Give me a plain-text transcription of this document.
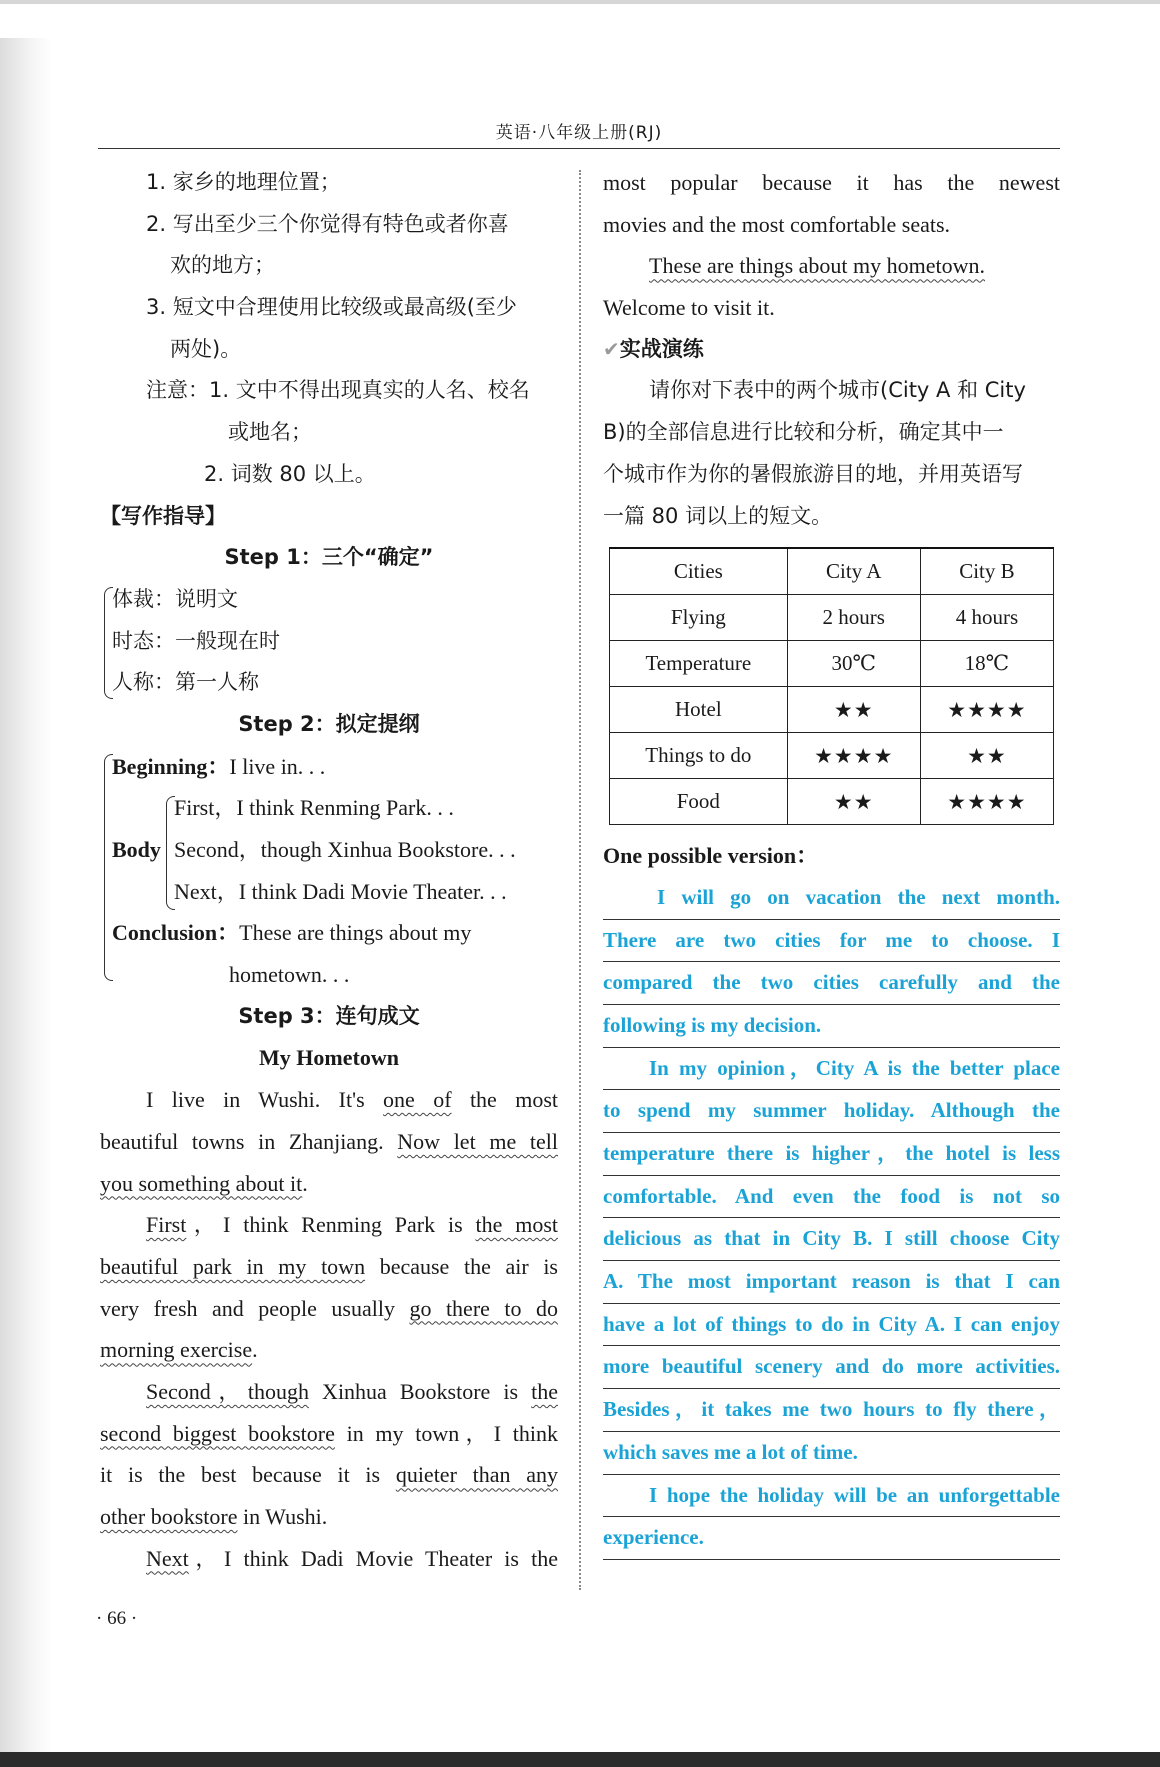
英语·八年级上册(RJ)
1. 家乡的地理位置；
2. 写出至少三个你觉得有特色或者你喜
欢的地方；
3. 短文中合理使用比较级或最高级(至少
两处)。
注意：1. 文中不得出现真实的人名、校名
或地名；
2. 词数 80 以上。
【写作指导】
Step 1：三个“确定”
体裁：说明文
时态：一般现在时
人称：第一人称
Step 2：拟定提纲
Beginning：I live in. . .
First，I think Renming Park. . .
Body Second，though Xinhua Bookstore. . .
Next，I think Dadi Movie Theater. . .
Conclusion：These are things about my
hometown. . .
Step 3：连句成文
My Hometown
I live in Wushi. It's one of the most
beautiful towns in Zhanjiang. Now let me tell
you something about it.
First，I think Renming Park is the most
beautiful park in my town because the air is
very fresh and people usually go there to do
morning exercise.
Second，though Xinhua Bookstore is the
second biggest bookstore in my town，I think
it is the best because it is quieter than any
other bookstore in Wushi.
Next，I think Dadi Movie Theater is the
most popular because it has the newest
movies and the most comfortable seats.
These are things about my hometown.
Welcome to visit it.
✔实战演练
请你对下表中的两个城市(City A 和 City
B)的全部信息进行比较和分析，确定其中一
个城市作为你的暑假旅游目的地，并用英语写
一篇 80 词以上的短文。
Cities	City A	City B
Flying	2 hours	4 hours
Temperature	30℃	18℃
Hotel	★★	★★★★
Things to do	★★★★	★★
Food	★★	★★★★
One possible version：
I will go on vacation the next month.
There are two cities for me to choose. I
compared the two cities carefully and the
following is my decision.
In my opinion，City A is the better place
to spend my summer holiday. Although the
temperature there is higher，the hotel is less
comfortable. And even the food is not so
delicious as that in City B. I still choose City
A. The most important reason is that I can
have a lot of things to do in City A. I can enjoy
more beautiful scenery and do more activities.
Besides，it takes me two hours to fly there，
which saves me a lot of time.
I hope the holiday will be an unforgettable
experience.
· 66 ·
